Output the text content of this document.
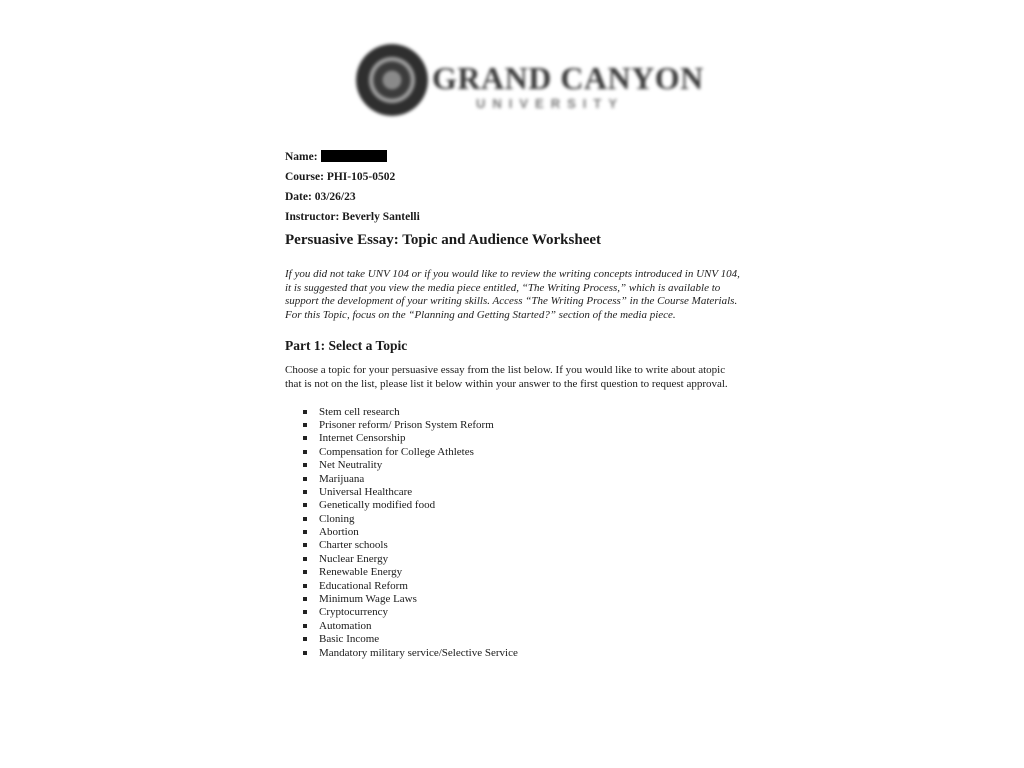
GRAND CANYON
UNIVERSITY
Name:
Course: PHI-105-0502
Date: 03/26/23
Instructor: Beverly Santelli
Persuasive Essay: Topic and Audience Worksheet

If you did not take UNV 104 or if you would like to review the writing concepts introduced in UNV 104, it is suggested that you view the media piece entitled, “The Writing Process,” which is available to support the development of your writing skills. Access “The Writing Process” in the Course Materials. For this Topic, focus on the “Planning and Getting Started?” section of the media piece.

Part 1: Select a Topic

Choose a topic for your persuasive essay from the list below. If you would like to write about atopic that is not on the list, please list it below within your answer to the first question to request approval.

Stem cell research
Prisoner reform/ Prison System Reform
Internet Censorship
Compensation for College Athletes
Net Neutrality
Marijuana
Universal Healthcare
Genetically modified food
Cloning
Abortion
Charter schools
Nuclear Energy
Renewable Energy
Educational Reform
Minimum Wage Laws
Cryptocurrency
Automation
Basic Income
Mandatory military service/Selective Service
